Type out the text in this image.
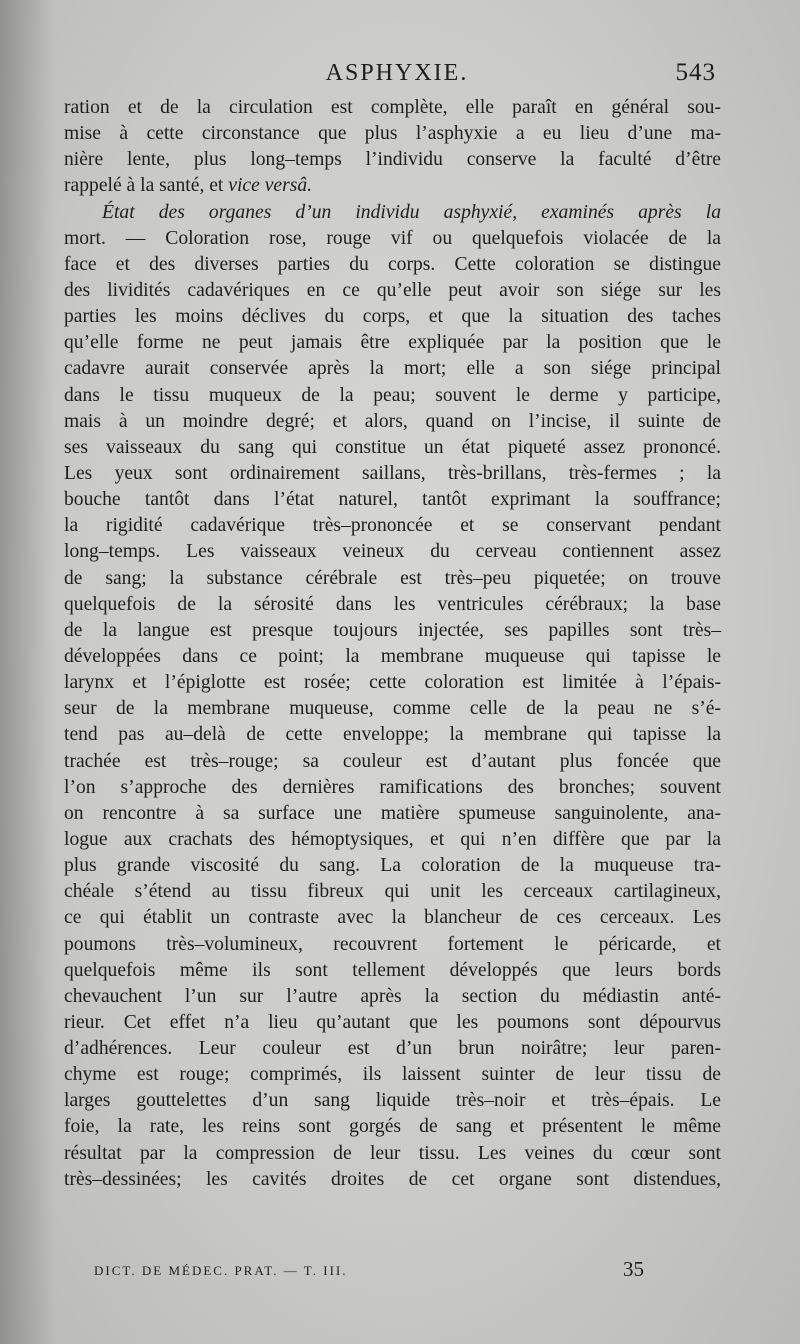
ASPHYXIE.	543
ration et de la circulation est complète, elle paraît en général sou-
mise à cette circonstance que plus l’asphyxie a eu lieu d’une ma-
nière lente, plus long–temps l’individu conserve la faculté d’être
rappelé à la santé, et vice versâ.
État des organes d’un individu asphyxié, examinés après la
mort. — Coloration rose, rouge vif ou quelquefois violacée de la
face et des diverses parties du corps. Cette coloration se distingue
des lividités cadavériques en ce qu’elle peut avoir son siége sur les
parties les moins déclives du corps, et que la situation des taches
qu’elle forme ne peut jamais être expliquée par la position que le
cadavre aurait conservée après la mort; elle a son siége principal
dans le tissu muqueux de la peau; souvent le derme y participe,
mais à un moindre degré; et alors, quand on l’incise, il suinte de
ses vaisseaux du sang qui constitue un état piqueté assez prononcé.
Les yeux sont ordinairement saillans, très-brillans, très-fermes ; la
bouche tantôt dans l’état naturel, tantôt exprimant la souffrance;
la rigidité cadavérique très–prononcée et se conservant pendant
long–temps. Les vaisseaux veineux du cerveau contiennent assez
de sang; la substance cérébrale est très–peu piquetée; on trouve
quelquefois de la sérosité dans les ventricules cérébraux; la base
de la langue est presque toujours injectée, ses papilles sont très–
développées dans ce point; la membrane muqueuse qui tapisse le
larynx et l’épiglotte est rosée; cette coloration est limitée à l’épais-
seur de la membrane muqueuse, comme celle de la peau ne s’é-
tend pas au–delà de cette enveloppe; la membrane qui tapisse la
trachée est très–rouge; sa couleur est d’autant plus foncée que
l’on s’approche des dernières ramifications des bronches; souvent
on rencontre à sa surface une matière spumeuse sanguinolente, ana-
logue aux crachats des hémoptysiques, et qui n’en diffère que par la
plus grande viscosité du sang. La coloration de la muqueuse tra-
chéale s’étend au tissu fibreux qui unit les cerceaux cartilagineux,
ce qui établit un contraste avec la blancheur de ces cerceaux. Les
poumons très–volumineux, recouvrent fortement le péricarde, et
quelquefois même ils sont tellement développés que leurs bords
chevauchent l’un sur l’autre après la section du médiastin anté-
rieur. Cet effet n’a lieu qu’autant que les poumons sont dépourvus
d’adhérences. Leur couleur est d’un brun noirâtre; leur paren-
chyme est rouge; comprimés, ils laissent suinter de leur tissu de
larges gouttelettes d’un sang liquide très–noir et très–épais. Le
foie, la rate, les reins sont gorgés de sang et présentent le même
résultat par la compression de leur tissu. Les veines du cœur sont
très–dessinées; les cavités droites de cet organe sont distendues,
DICT. DE MÉDEC. PRAT. — T. III.	35
